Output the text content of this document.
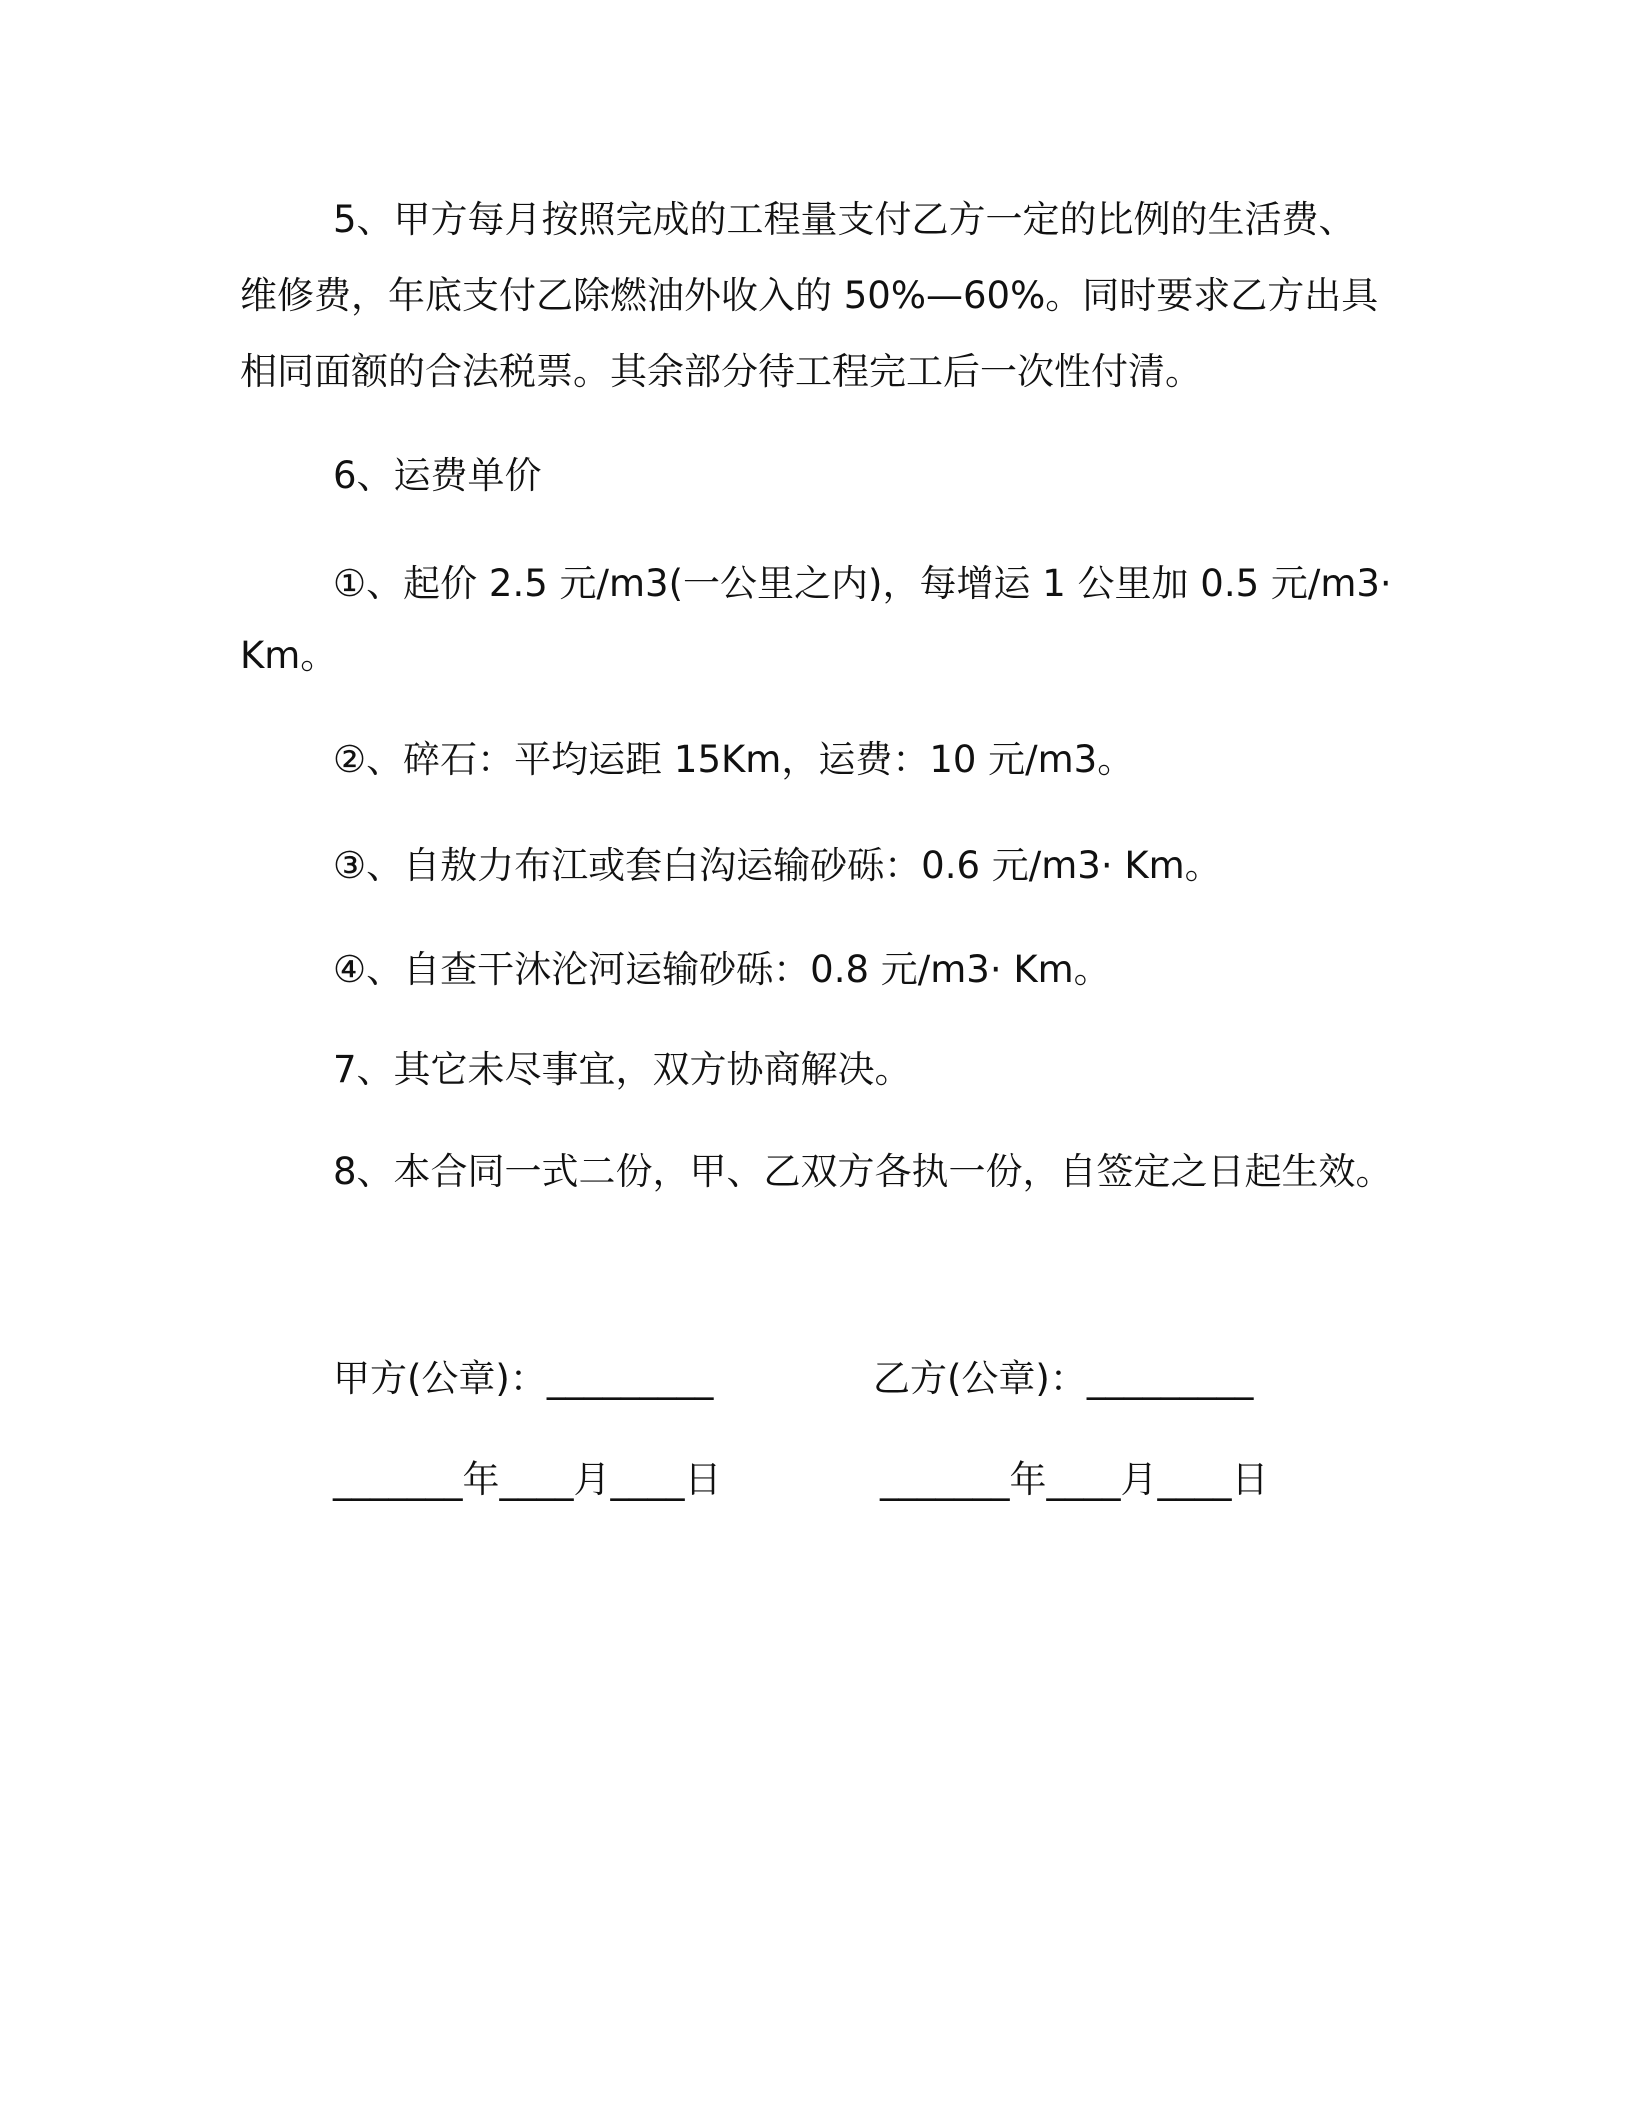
5、甲方每月按照完成的工程量支付乙方一定的比例的生活费、
维修费，年底支付乙除燃油外收入的 50%—60%。同时要求乙方出具
相同面额的合法税票。其余部分待工程完工后一次性付清。
6、运费单价
①、起价 2.5 元/m3(一公里之内)，每增运 1 公里加 0.5 元/m3·
Km。
②、碎石：平均运距 15Km，运费：10 元/m3。
③、自敖力布江或套白沟运输砂砾：0.6 元/m3· Km。
④、自查干沐沦河运输砂砾：0.8 元/m3· Km。
7、其它未尽事宜，双方协商解决。
8、本合同一式二份，甲、乙双方各执一份，自签定之日起生效。
甲方(公章)：_________	乙方(公章)：_________
_______年____月____日	_______年____月____日
